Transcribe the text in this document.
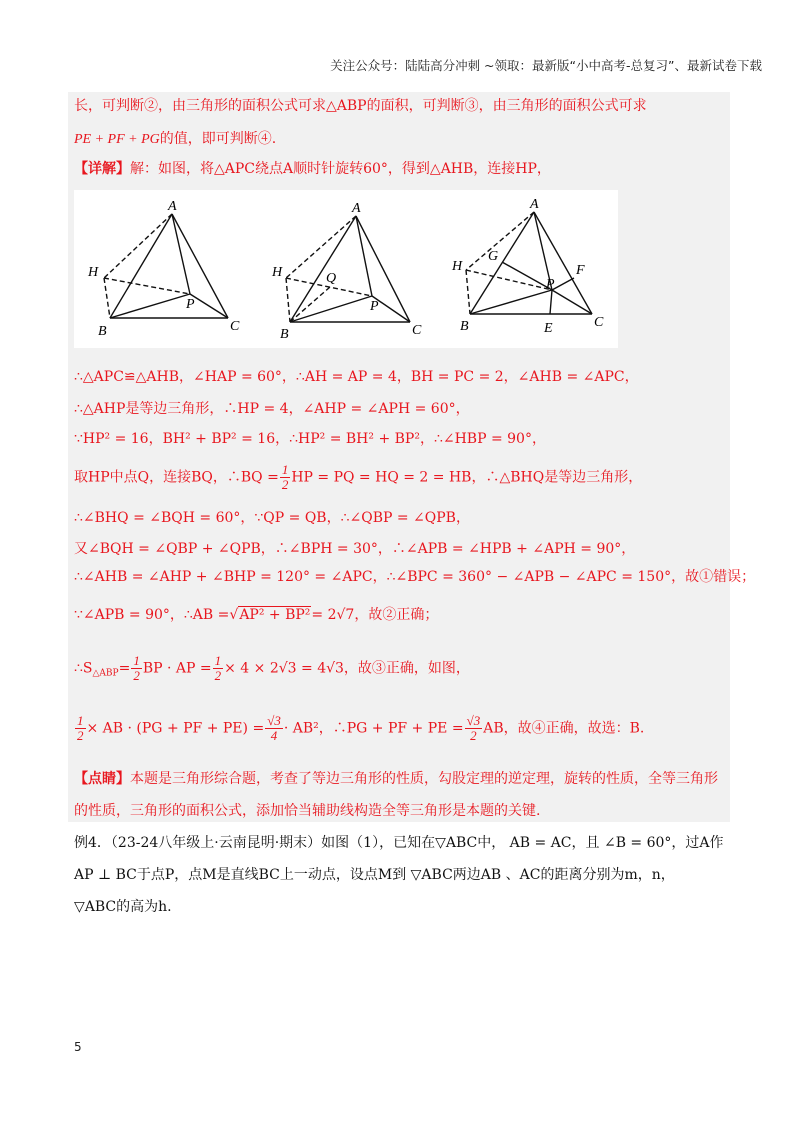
关注公众号：陆陆高分冲刺 ~领取：最新版“小中高考-总复习”、最新试卷下载
长，可判断②，由三角形的面积公式可求△ABP的面积，可判断③，由三角形的面积公式可求
PE + PF + PG的值，即可判断④.
【详解】解：如图，将△APC绕点A顺时针旋转60°，得到△AHB，连接HP，
A
H
P
B	C
A
H	Q
P
B	C
A
H
G
F
P
B	E	C
∴△APC≌△AHB，∠HAP = 60°，∴AH = AP = 4，BH = PC = 2，∠AHB = ∠APC，
∴△AHP是等边三角形，∴HP = 4，∠AHP = ∠APH = 60°，
∵HP² = 16，BH² + BP² = 16，∴HP² = BH² + BP²，∴∠HBP = 90°，
取HP中点Q，连接BQ，∴BQ = $\frac{1}{2}$ HP = PQ = HQ = 2 = HB，∴△BHQ是等边三角形，
∴∠BHQ = ∠BQH = 60°，∵QP = QB，∴∠QBP = ∠QPB，
又∠BQH = ∠QBP + ∠QPB，∴∠BPH = 30°，∴∠APB = ∠HPB + ∠APH = 90°，
∴∠AHB = ∠AHP + ∠BHP = 120° = ∠APC，∴∠BPC = 360° − ∠APB − ∠APC = 150°，故①错误；
∵∠APB = 90°，∴AB =√AP² + BP²= 2√7，故②正确；
$\therefore S_{\triangle ABP}= \frac{1}{2}$ BP · AP = $\frac{1}{2} \times 4 \times 2√3 = 4√3$，故③正确，如图，
$\frac{1}{2}$ × AB · (PG + PF + $PE) = \frac{√3}{4} \cdot AB^2$，∴PG + PF + PE = $\frac{√3}{2}$ AB，故④正确，故选：B.
【点睛】本题是三角形综合题，考查了等边三角形的性质，勾股定理的逆定理，旋转的性质，全等三角形
的性质，三角形的面积公式，添加恰当辅助线构造全等三角形是本题的关键.
例4．（23-24八年级上·云南昆明·期末）如图（1），已知在▽ABC中， AB = AC，且 ∠B = 60°，过A作
AP ⊥ BC于点P，点M是直线BC上一动点，设点M到 ▽ABC两边AB 、AC的距离分别为m，n，
▽ABC的高为h.
5
